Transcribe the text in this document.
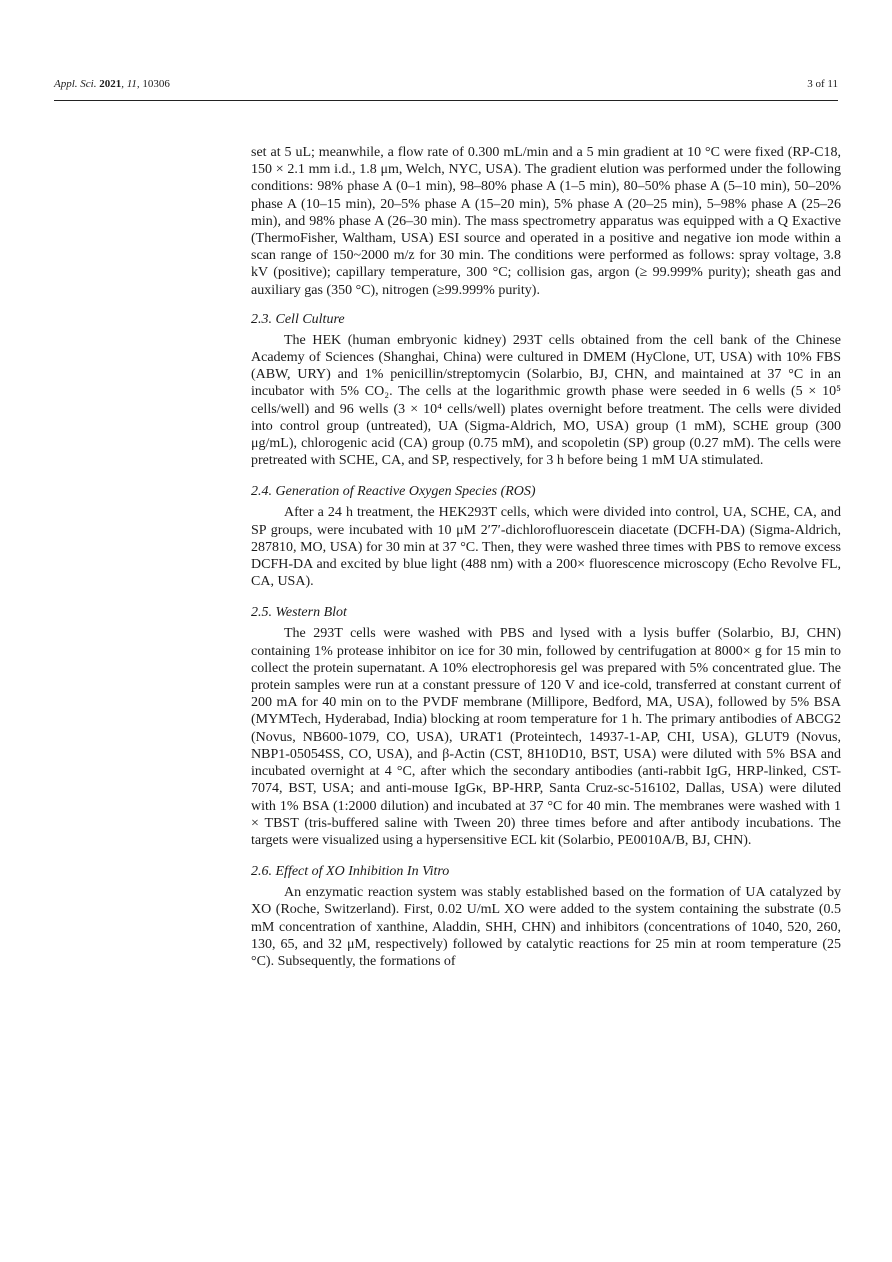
Appl. Sci. 2021, 11, 10306	3 of 11

set at 5 uL; meanwhile, a flow rate of 0.300 mL/min and a 5 min gradient at 10 °C were fixed (RP-C18, 150 × 2.1 mm i.d., 1.8 μm, Welch, NYC, USA). The gradient elution was performed under the following conditions: 98% phase A (0–1 min), 98–80% phase A (1–5 min), 80–50% phase A (5–10 min), 50–20% phase A (10–15 min), 20–5% phase A (15–20 min), 5% phase A (20–25 min), 5–98% phase A (25–26 min), and 98% phase A (26–30 min). The mass spectrometry apparatus was equipped with a Q Exactive (ThermoFisher, Waltham, USA) ESI source and operated in a positive and negative ion mode within a scan range of 150~2000 m/z for 30 min. The conditions were performed as follows: spray voltage, 3.8 kV (positive); capillary temperature, 300 °C; collision gas, argon (≥ 99.999% purity); sheath gas and auxiliary gas (350 °C), nitrogen (≥99.999% purity).

2.3. Cell Culture

The HEK (human embryonic kidney) 293T cells obtained from the cell bank of the Chinese Academy of Sciences (Shanghai, China) were cultured in DMEM (HyClone, UT, USA) with 10% FBS (ABW, URY) and 1% penicillin/streptomycin (Solarbio, BJ, CHN, and maintained at 37 °C in an incubator with 5% CO₂. The cells at the logarithmic growth phase were seeded in 6 wells (5 × 10⁵ cells/well) and 96 wells (3 × 10⁴ cells/well) plates overnight before treatment. The cells were divided into control group (untreated), UA (Sigma-Aldrich, MO, USA) group (1 mM), SCHE group (300 μg/mL), chlorogenic acid (CA) group (0.75 mM), and scopoletin (SP) group (0.27 mM). The cells were pretreated with SCHE, CA, and SP, respectively, for 3 h before being 1 mM UA stimulated.

2.4. Generation of Reactive Oxygen Species (ROS)

After a 24 h treatment, the HEK293T cells, which were divided into control, UA, SCHE, CA, and SP groups, were incubated with 10 μM 2′7′-dichlorofluorescein diacetate (DCFH-DA) (Sigma-Aldrich, 287810, MO, USA) for 30 min at 37 °C. Then, they were washed three times with PBS to remove excess DCFH-DA and excited by blue light (488 nm) with a 200× fluorescence microscopy (Echo Revolve FL, CA, USA).

2.5. Western Blot

The 293T cells were washed with PBS and lysed with a lysis buffer (Solarbio, BJ, CHN) containing 1% protease inhibitor on ice for 30 min, followed by centrifugation at 8000× g for 15 min to collect the protein supernatant. A 10% electrophoresis gel was prepared with 5% concentrated glue. The protein samples were run at a constant pressure of 120 V and ice-cold, transferred at constant current of 200 mA for 40 min on to the PVDF membrane (Millipore, Bedford, MA, USA), followed by 5% BSA (MYMTech, Hyderabad, India) blocking at room temperature for 1 h. The primary antibodies of ABCG2 (Novus, NB600-1079, CO, USA), URAT1 (Proteintech, 14937-1-AP, CHI, USA), GLUT9 (Novus, NBP1-05054SS, CO, USA), and β-Actin (CST, 8H10D10, BST, USA) were diluted with 5% BSA and incubated overnight at 4 °C, after which the secondary antibodies (anti-rabbit IgG, HRP-linked, CST-7074, BST, USA; and anti-mouse IgGκ, BP-HRP, Santa Cruz-sc-516102, Dallas, USA) were diluted with 1% BSA (1:2000 dilution) and incubated at 37 °C for 40 min. The membranes were washed with 1 × TBST (tris-buffered saline with Tween 20) three times before and after antibody incubations. The targets were visualized using a hypersensitive ECL kit (Solarbio, PE0010A/B, BJ, CHN).

2.6. Effect of XO Inhibition In Vitro

An enzymatic reaction system was stably established based on the formation of UA catalyzed by XO (Roche, Switzerland). First, 0.02 U/mL XO were added to the system containing the substrate (0.5 mM concentration of xanthine, Aladdin, SHH, CHN) and inhibitors (concentrations of 1040, 520, 260, 130, 65, and 32 μM, respectively) followed by catalytic reactions for 25 min at room temperature (25 °C). Subsequently, the formations of
